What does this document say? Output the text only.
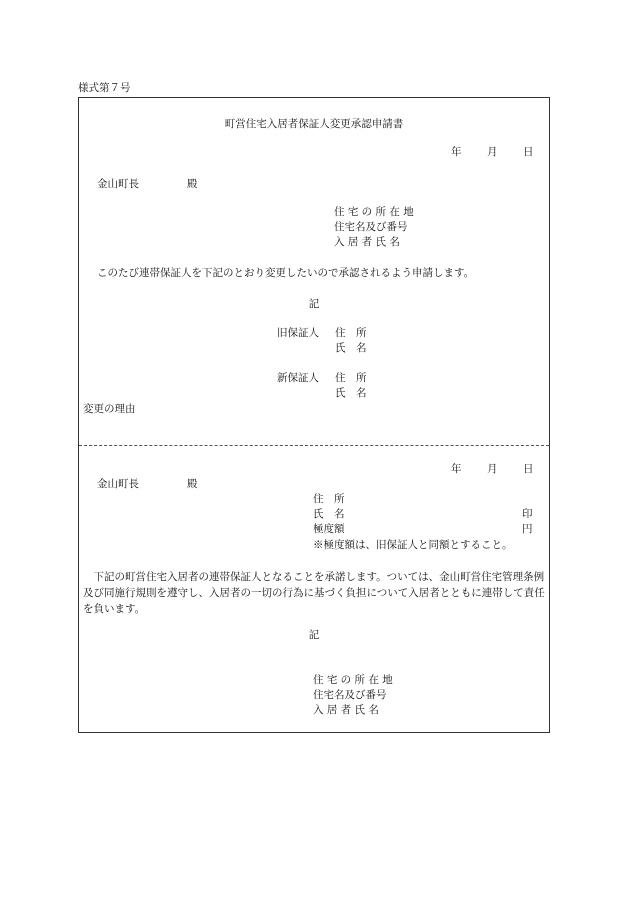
様式第７号
町営住宅入居者保証人変更承認申請書
年 月 日
金山町長	殿
住 宅 の 所 在 地
住宅名及び番号
入 居 者 氏 名
このたび連帯保証人を下記のとおり変更したいので承認されるよう申請します。
記
旧保証人 住　所
氏　名
新保証人 住　所
氏　名
変更の理由
年 月 日
金山町長	殿
住　所
氏　名	印
極度額	円
※極度額は、旧保証人と同額とすること。
下記の町営住宅入居者の連帯保証人となることを承諾します。ついては、金山町営住宅管理条例及び同施行規則を遵守し、入居者の一切の行為に基づく負担について入居者とともに連帯して責任を負います。
記
住 宅 の 所 在 地
住宅名及び番号
入 居 者 氏 名
